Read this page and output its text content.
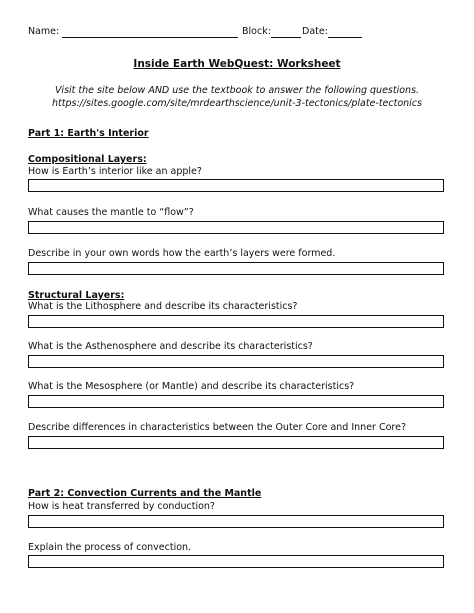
Name:	Block:	Date:
Inside Earth WebQuest: Worksheet
Visit the site below AND use the textbook to answer the following questions.
https://sites.google.com/site/mrdearthscience/unit-3-tectonics/plate-tectonics
Part 1: Earth's Interior
Compositional Layers:
How is Earth’s interior like an apple?
What causes the mantle to “flow”?
Describe in your own words how the earth’s layers were formed.
Structural Layers:
What is the Lithosphere and describe its characteristics?
What is the Asthenosphere and describe its characteristics?
What is the Mesosphere (or Mantle) and describe its characteristics?
Describe differences in characteristics between the Outer Core and Inner Core?
Part 2: Convection Currents and the Mantle
How is heat transferred by conduction?
Explain the process of convection.
